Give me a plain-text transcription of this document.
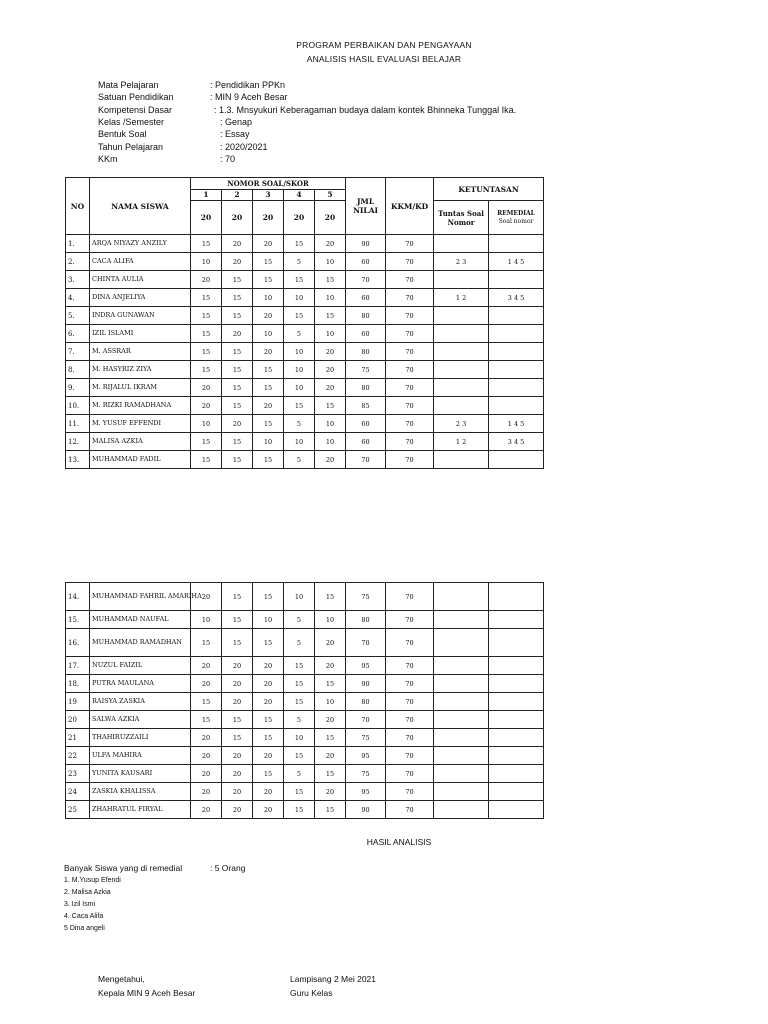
PROGRAM PERBAIKAN DAN PENGAYAAN
ANALISIS HASIL EVALUASI BELAJAR
Mata Pelajaran	: Pendidikan PPKn
Satuan Pendidikan	: MIN 9 Aceh Besar
Kompetensi Dasar	: 1.3. Mnsyukuri Keberagaman budaya dalam kontek Bhinneka Tunggal Ika.
Kelas /Semester	: Genap
Bentuk Soal	: Essay
Tahun Pelajaran	: 2020/2021
KKm	: 70
NO	NAMA SISWA	NOMOR SOAL/SKOR					JML NILAI	KKM/KD	KETUNTASAN	
		1	2	3	4	5				
		20	20	20	20	20			Tuntas Soal Nomor	REMEDIAL
Soal nomor

1.	ARQA NIYAZY ANZILY	15	20	20	15	20	90	70		
2.	CACA ALIFA	10	20	15	5	10	60	70	2 3	1 4 5
3.	CHINTA AULIA	20	15	15	15	15	70	70		
4.	DINA ANJELIYA	15	15	10	10	10	60	70	1 2	3 4 5
5.	INDRA GUNAWAN	15	15	20	15	15	80	70		
6.	IZIL ISLAMI	15	20	10	5	10	60	70		
7.	M. ASSRAR	15	15	20	10	20	80	70		
8.	M. HASYRIZ ZIYA	15	15	15	10	20	75	70		
9.	M. RIJALUL IKRAM	20	15	15	10	20	80	70		
10.	M. RIZKI RAMADHANA	20	15	20	15	15	85	70		
11.	M. YUSUF EFFENDI	10	20	15	5	10	60	70	2 3	1 4 5
12.	MALISA AZKIA	15	15	10	10	10	60	70	1 2	3 4 5
13.	MUHAMMAD FADIL	15	15	15	5	20	70	70		
14.	MUHAMMAD FAHRIL AMARIHA	20	15	15	10	15	75	70		
15.	MUHAMMAD NAUFAL	10	15	10	5	10	80	70		
16.	MUHAMMAD RAMADHAN	15	15	15	5	20	70	70		
17.	NUZUL FAIZIL	20	20	20	15	20	95	70		
18.	PUTRA MAULANA	20	20	20	15	15	90	70		
19	RAISYA ZASKIA	15	20	20	15	10	80	70		
20	SALWA AZKIA	15	15	15	5	20	70	70		
21	THAHIRUZZAILI	20	15	15	10	15	75	70		
22	ULFA MAHIRA	20	20	20	15	20	95	70		
23	YUNITA KAUSARI	20	20	15	5	15	75	70		
24	ZASKIA KHALISSA	20	20	20	15	20	95	70		
25	ZHAHRATUL FIRYAL	20	20	20	15	15	90	70		
HASIL ANALISIS
Banyak Siswa yang di remedial	: 5 Orang
1. M.Yusup Efendi
2. Malisa Azkia
3. Izil Ismi
4. Caca Alifa
5 Dina angeli
Mengetahui,
Kepala MIN 9 Aceh Besar
Lampisang 2 Mei 2021
Guru Kelas
